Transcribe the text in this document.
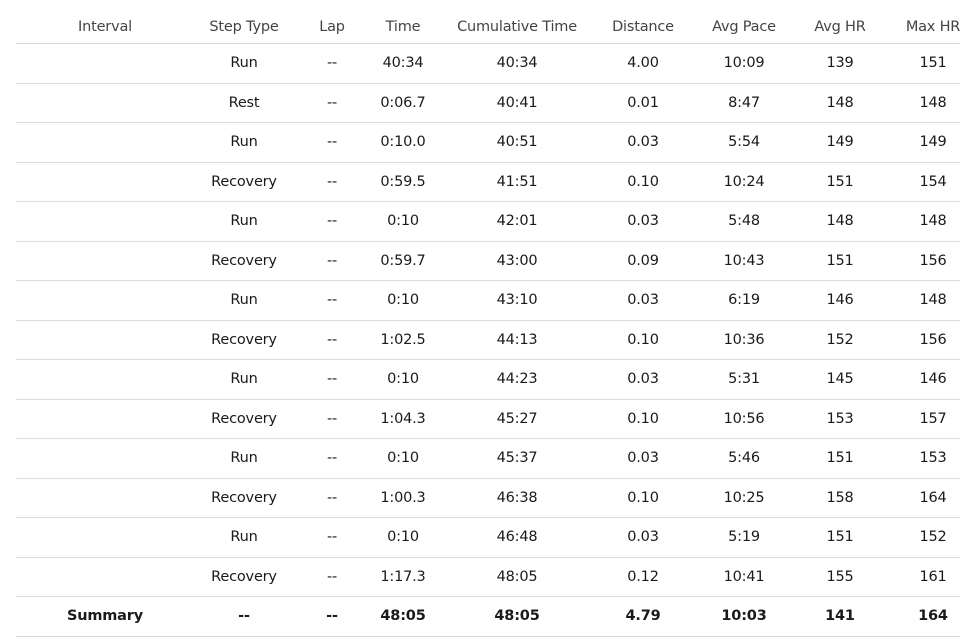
Interval	Step Type	Lap	Time	Cumulative Time	Distance	Avg Pace	Avg HR	Max HR
	Run	--	40:34	40:34	4.00	10:09	139	151
	Rest	--	0:06.7	40:41	0.01	8:47	148	148
	Run	--	0:10.0	40:51	0.03	5:54	149	149
	Recovery	--	0:59.5	41:51	0.10	10:24	151	154
	Run	--	0:10	42:01	0.03	5:48	148	148
	Recovery	--	0:59.7	43:00	0.09	10:43	151	156
	Run	--	0:10	43:10	0.03	6:19	146	148
	Recovery	--	1:02.5	44:13	0.10	10:36	152	156
	Run	--	0:10	44:23	0.03	5:31	145	146
	Recovery	--	1:04.3	45:27	0.10	10:56	153	157
	Run	--	0:10	45:37	0.03	5:46	151	153
	Recovery	--	1:00.3	46:38	0.10	10:25	158	164
	Run	--	0:10	46:48	0.03	5:19	151	152
	Recovery	--	1:17.3	48:05	0.12	10:41	155	161
Summary	--	--	48:05	48:05	4.79	10:03	141	164
